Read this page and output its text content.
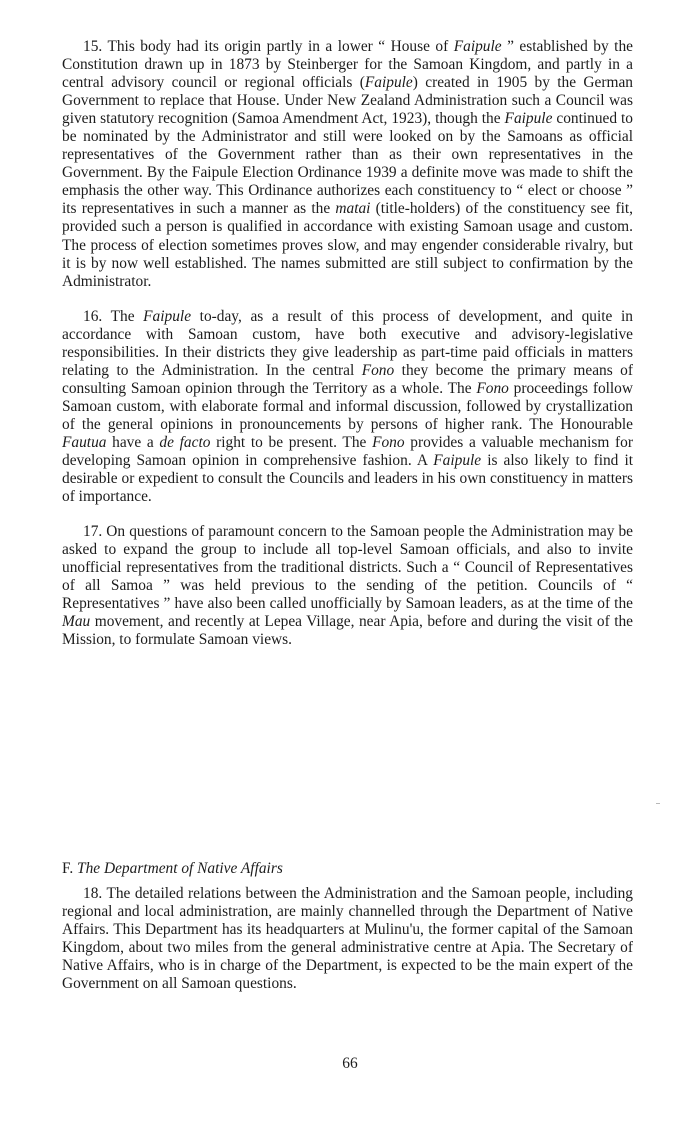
15. This body had its origin partly in a lower “ House of Faipule ” established by the Constitution drawn up in 1873 by Steinberger for the Samoan Kingdom, and partly in a central advisory council or regional officials (Faipule) created in 1905 by the German Government to replace that House. Under New Zealand Administration such a Council was given statutory recognition (Samoa Amendment Act, 1923), though the Faipule continued to be nominated by the Administrator and still were looked on by the Samoans as official representatives of the Government rather than as their own representatives in the Government. By the Faipule Election Ordinance 1939 a definite move was made to shift the emphasis the other way. This Ordinance authorizes each constituency to “ elect or choose ” its representatives in such a manner as the matai (title-holders) of the constituency see fit, provided such a person is qualified in accordance with existing Samoan usage and custom. The process of election sometimes proves slow, and may engender considerable rivalry, but it is by now well established. The names submitted are still subject to confirmation by the Administrator.

16. The Faipule to-day, as a result of this process of development, and quite in accordance with Samoan custom, have both executive and advisory-legislative responsibilities. In their districts they give leadership as part-time paid officials in matters relating to the Administration. In the central Fono they become the primary means of consulting Samoan opinion through the Territory as a whole. The Fono proceedings follow Samoan custom, with elaborate formal and informal discussion, followed by crystallization of the general opinions in pronouncements by persons of higher rank. The Honourable Fautua have a de facto right to be present. The Fono provides a valuable mechanism for developing Samoan opinion in comprehensive fashion. A Faipule is also likely to find it desirable or expedient to consult the Councils and leaders in his own constituency in matters of importance.

17. On questions of paramount concern to the Samoan people the Administration may be asked to expand the group to include all top-level Samoan officials, and also to invite unofficial representatives from the traditional districts. Such a “ Council of Representatives of all Samoa ” was held previous to the sending of the petition. Councils of “ Representatives ” have also been called unofficially by Samoan leaders, as at the time of the Mau movement, and recently at Lepea Village, near Apia, before and during the visit of the Mission, to formulate Samoan views.

F. The Department of Native Affairs

18. The detailed relations between the Administration and the Samoan people, including regional and local administration, are mainly channelled through the Department of Native Affairs. This Department has its headquarters at Mulinu'u, the former capital of the Samoan Kingdom, about two miles from the general administrative centre at Apia. The Secretary of Native Affairs, who is in charge of the Department, is expected to be the main expert of the Government on all Samoan questions.

66
